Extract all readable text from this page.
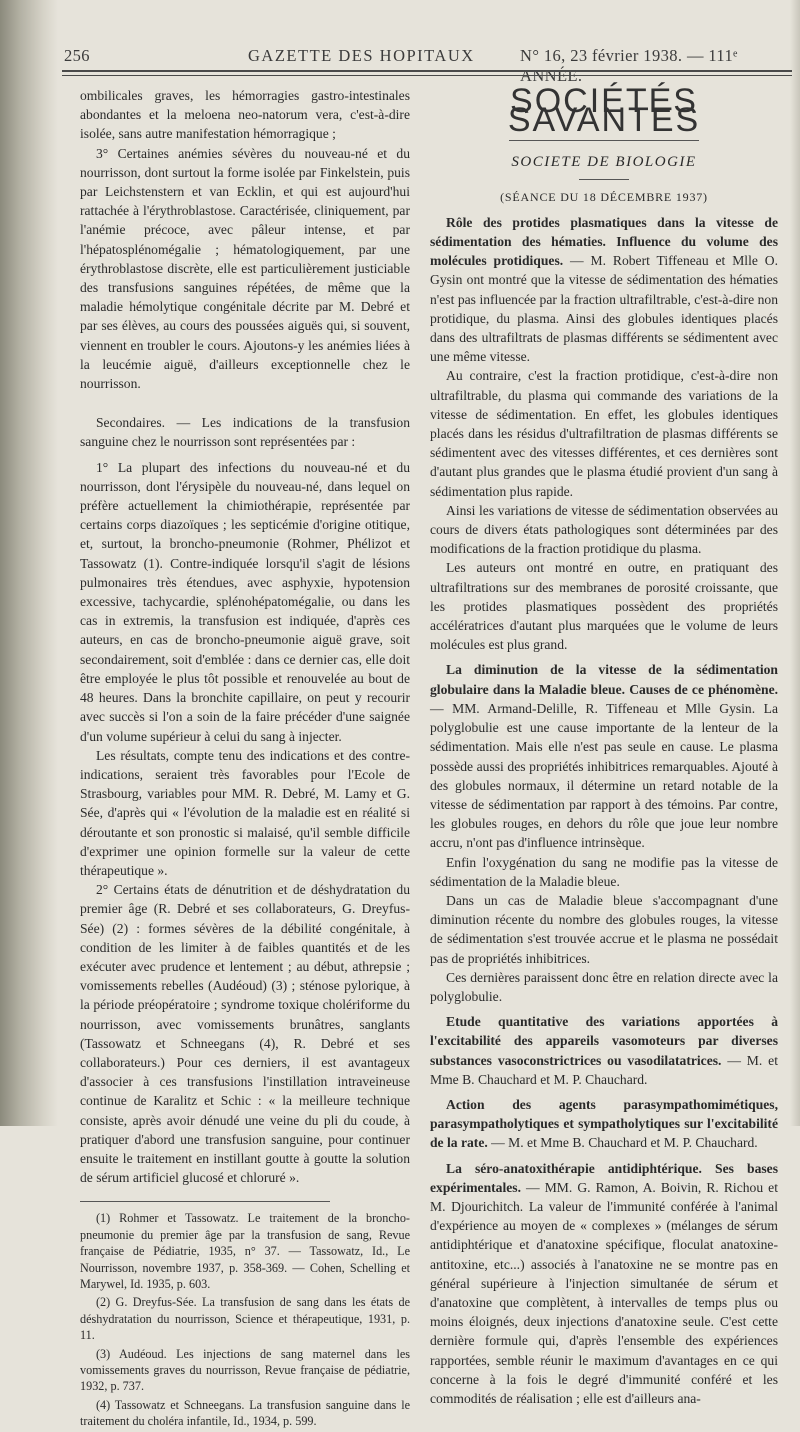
256	GAZETTE DES HOPITAUX	N° 16, 23 février 1938. — 111ᵉ ANNÉE.

ombilicales graves, les hémorragies gastro-intestinales abondantes et la meloena neo-natorum vera, c'est-à-dire isolée, sans autre manifestation hémorragique ;

3° Certaines anémies sévères du nouveau-né et du nourrisson, dont surtout la forme isolée par Finkelstein, puis par Leichstenstern et van Ecklin, et qui est aujourd'hui rattachée à l'érythroblastose. Caractérisée, cliniquement, par l'anémie précoce, avec pâleur intense, et par l'hépatosplénomégalie ; hématologiquement, par une érythroblastose discrète, elle est particulièrement justiciable des transfusions sanguines répétées, de même que la maladie hémolytique congénitale décrite par M. Debré et par ses élèves, au cours des poussées aiguës qui, si souvent, viennent en troubler le cours. Ajoutons-y les anémies liées à la leucémie aiguë, d'ailleurs exceptionnelle chez le nourrisson.

Secondaires. — Les indications de la transfusion sanguine chez le nourrisson sont représentées par :

1° La plupart des infections du nouveau-né et du nourrisson, dont l'érysipèle du nouveau-né, dans lequel on préfère actuellement la chimiothérapie, représentée par certains corps diazoïques ; les septicémie d'origine otitique, et, surtout, la broncho-pneumonie (Rohmer, Phélizot et Tassowatz (1). Contre-indiquée lorsqu'il s'agit de lésions pulmonaires très étendues, avec asphyxie, hypotension excessive, tachycardie, splénohépatomégalie, ou dans les cas in extremis, la transfusion est indiquée, d'après ces auteurs, en cas de broncho-pneumonie aiguë grave, soit secondairement, soit d'emblée : dans ce dernier cas, elle doit être employée le plus tôt possible et renouvelée au bout de 48 heures. Dans la bronchite capillaire, on peut y recourir avec succès si l'on a soin de la faire précéder d'une saignée d'un volume supérieur à celui du sang à injecter.

Les résultats, compte tenu des indications et des contre-indications, seraient très favorables pour l'Ecole de Strasbourg, variables pour MM. R. Debré, M. Lamy et G. Sée, d'après qui « l'évolution de la maladie est en réalité si déroutante et son pronostic si malaisé, qu'il semble difficile d'exprimer une opinion formelle sur la valeur de cette thérapeutique ».

2° Certains états de dénutrition et de déshydratation du premier âge (R. Debré et ses collaborateurs, G. Dreyfus-Sée) (2) : formes sévères de la débilité congénitale, à condition de les limiter à de faibles quantités et de les exécuter avec prudence et lentement ; au début, athrepsie ; vomissements rebelles (Audéoud) (3) ; sténose pylorique, à la période préopératoire ; syndrome toxique cholériforme du nourrisson, avec vomissements brunâtres, sanglants (Tassowatz et Schneegans (4), R. Debré et ses collaborateurs.) Pour ces derniers, il est avantageux d'associer à ces transfusions l'instillation intraveineuse continue de Karalitz et Schic : « la meilleure technique consiste, après avoir dénudé une veine du pli du coude, à pratiquer d'abord une transfusion sanguine, pour continuer ensuite le traitement en instillant goutte à goutte la solution de sérum artificiel glucosé et chloruré ».

(1) Rohmer et Tassowatz. Le traitement de la broncho-pneumonie du premier âge par la transfusion de sang, Revue française de Pédiatrie, 1935, n° 37. — Tassowatz, Id., Le Nourrisson, novembre 1937, p. 358-369. — Cohen, Schelling et Marywel, Id. 1935, p. 603.

(2) G. Dreyfus-Sée. La transfusion de sang dans les états de déshydratation du nourrisson, Science et thérapeutique, 1931, p. 11.

(3) Audéoud. Les injections de sang maternel dans les vomissements graves du nourrisson, Revue française de pédiatrie, 1932, p. 737.

(4) Tassowatz et Schneegans. La transfusion sanguine dans le traitement du choléra infantile, Id., 1934, p. 599.

SOCIÉTÉS SAVANTES
SOCIETE DE BIOLOGIE
(SÉANCE DU 18 DÉCEMBRE 1937)

Rôle des protides plasmatiques dans la vitesse de sédimentation des hématies. Influence du volume des molécules protidiques. — M. Robert Tiffeneau et Mlle O. Gysin ont montré que la vitesse de sédimentation des hématies n'est pas influencée par la fraction ultrafiltrable, c'est-à-dire non protidique, du plasma. Ainsi des globules identiques placés dans des ultrafiltrats de plasmas différents se sédimentent avec une même vitesse.

Au contraire, c'est la fraction protidique, c'est-à-dire non ultrafiltrable, du plasma qui commande des variations de la vitesse de sédimentation. En effet, les globules identiques placés dans les résidus d'ultrafiltration de plasmas différents se sédimentent avec des vitesses différentes, et ces dernières sont d'autant plus grandes que le plasma étudié provient d'un sang à sédimentation plus rapide.

Ainsi les variations de vitesse de sédimentation observées au cours de divers états pathologiques sont déterminées par des modifications de la fraction protidique du plasma.

Les auteurs ont montré en outre, en pratiquant des ultrafiltrations sur des membranes de porosité croissante, que les protides plasmatiques possèdent des propriétés accélératrices d'autant plus marquées que le volume de leurs molécules est plus grand.

La diminution de la vitesse de la sédimentation globulaire dans la Maladie bleue. Causes de ce phénomène. — MM. Armand-Delille, R. Tiffeneau et Mlle Gysin. La polyglobulie est une cause importante de la lenteur de la sédimentation. Mais elle n'est pas seule en cause. Le plasma possède aussi des propriétés inhibitrices remarquables. Ajouté à des globules normaux, il détermine un retard notable de la vitesse de sédimentation par rapport à des témoins. Par contre, les globules rouges, en dehors du rôle que joue leur nombre accru, n'ont pas d'influence intrinsèque.

Enfin l'oxygénation du sang ne modifie pas la vitesse de sédimentation de la Maladie bleue.

Dans un cas de Maladie bleue s'accompagnant d'une diminution récente du nombre des globules rouges, la vitesse de sédimentation s'est trouvée accrue et le plasma ne possédait pas de propriétés inhibitrices.

Ces dernières paraissent donc être en relation directe avec la polyglobulie.

Etude quantitative des variations apportées à l'excitabilité des appareils vasomoteurs par diverses substances vasoconstrictrices ou vasodilatatrices. — M. et Mme B. Chauchard et M. P. Chauchard.

Action des agents parasympathomimétiques, parasympatholytiques et sympatholytiques sur l'excitabilité de la rate. — M. et Mme B. Chauchard et M. P. Chauchard.

La séro-anatoxithérapie antidiphtérique. Ses bases expérimentales. — MM. G. Ramon, A. Boivin, R. Richou et M. Djourichitch. La valeur de l'immunité conférée à l'animal d'expérience au moyen de « complexes » (mélanges de sérum antidiphtérique et d'anatoxine spécifique, floculat anatoxine-antitoxine, etc...) associés à l'anatoxine ne se montre pas en général supérieure à l'injection simultanée de sérum et d'anatoxine que complètent, à intervalles de temps plus ou moins éloignés, deux injections d'anatoxine seule. C'est cette dernière formule qui, d'après l'ensemble des expériences rapportées, semble réunir le maximum d'avantages en ce qui concerne à la fois le degré d'immunité conféré et les commodités de réalisation ; elle est d'ailleurs ana-
